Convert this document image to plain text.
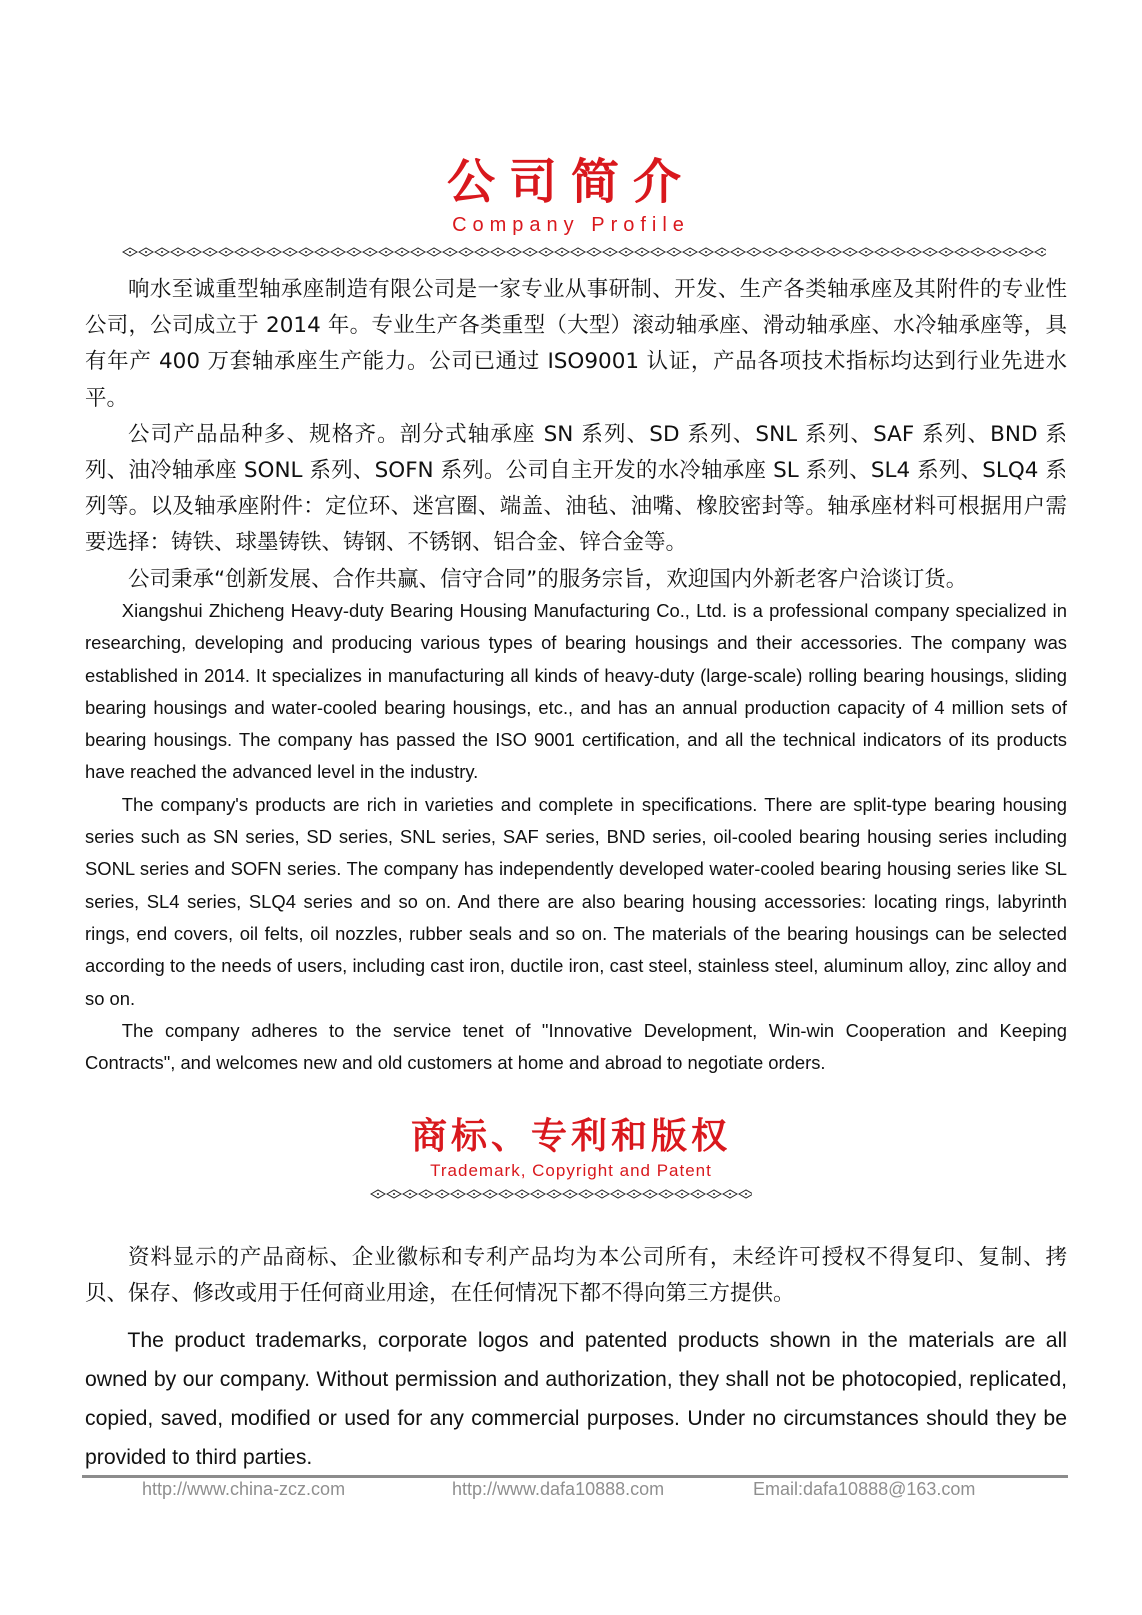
公司简介
Company Profile

响水至诚重型轴承座制造有限公司是一家专业从事研制、开发、生产各类轴承座及其附件的专业性公司，公司成立于 2014 年。专业生产各类重型（大型）滚动轴承座、滑动轴承座、水冷轴承座等，具有年产 400 万套轴承座生产能力。公司已通过 ISO9001 认证，产品各项技术指标均达到行业先进水平。

公司产品品种多、规格齐。剖分式轴承座 SN 系列、SD 系列、SNL 系列、SAF 系列、BND 系列、油冷轴承座 SONL 系列、SOFN 系列。公司自主开发的水冷轴承座 SL 系列、SL4 系列、SLQ4 系列等。以及轴承座附件：定位环、迷宫圈、端盖、油毡、油嘴、橡胶密封等。轴承座材料可根据用户需要选择：铸铁、球墨铸铁、铸钢、不锈钢、铝合金、锌合金等。

公司秉承“创新发展、合作共赢、信守合同”的服务宗旨，欢迎国内外新老客户洽谈订货。

Xiangshui Zhicheng Heavy-duty Bearing Housing Manufacturing Co., Ltd. is a professional company specialized in researching, developing and producing various types of bearing housings and their accessories. The company was established in 2014. It specializes in manufacturing all kinds of heavy-duty (large-scale) rolling bearing housings, sliding bearing housings and water-cooled bearing housings, etc., and has an annual production capacity of 4 million sets of bearing housings. The company has passed the ISO 9001 certification, and all the technical indicators of its products have reached the advanced level in the industry.

The company's products are rich in varieties and complete in specifications. There are split-type bearing housing series such as SN series, SD series, SNL series, SAF series, BND series, oil-cooled bearing housing series including SONL series and SOFN series. The company has independently developed water-cooled bearing housing series like SL series, SL4 series, SLQ4 series and so on. And there are also bearing housing accessories: locating rings, labyrinth rings, end covers, oil felts, oil nozzles, rubber seals and so on. The materials of the bearing housings can be selected according to the needs of users, including cast iron, ductile iron, cast steel, stainless steel, aluminum alloy, zinc alloy and so on.

The company adheres to the service tenet of "Innovative Development, Win-win Cooperation and Keeping Contracts", and welcomes new and old customers at home and abroad to negotiate orders.

商标、专利和版权
Trademark, Copyright and Patent

资料显示的产品商标、企业徽标和专利产品均为本公司所有，未经许可授权不得复印、复制、拷贝、保存、修改或用于任何商业用途，在任何情况下都不得向第三方提供。

The product trademarks, corporate logos and patented products shown in the materials are all owned by our company. Without permission and authorization, they shall not be photocopied, replicated, copied, saved, modified or used for any commercial purposes. Under no circumstances should they be provided to third parties.

http://www.china-zcz.com	http://www.dafa10888.com	Email:dafa10888@163.com
